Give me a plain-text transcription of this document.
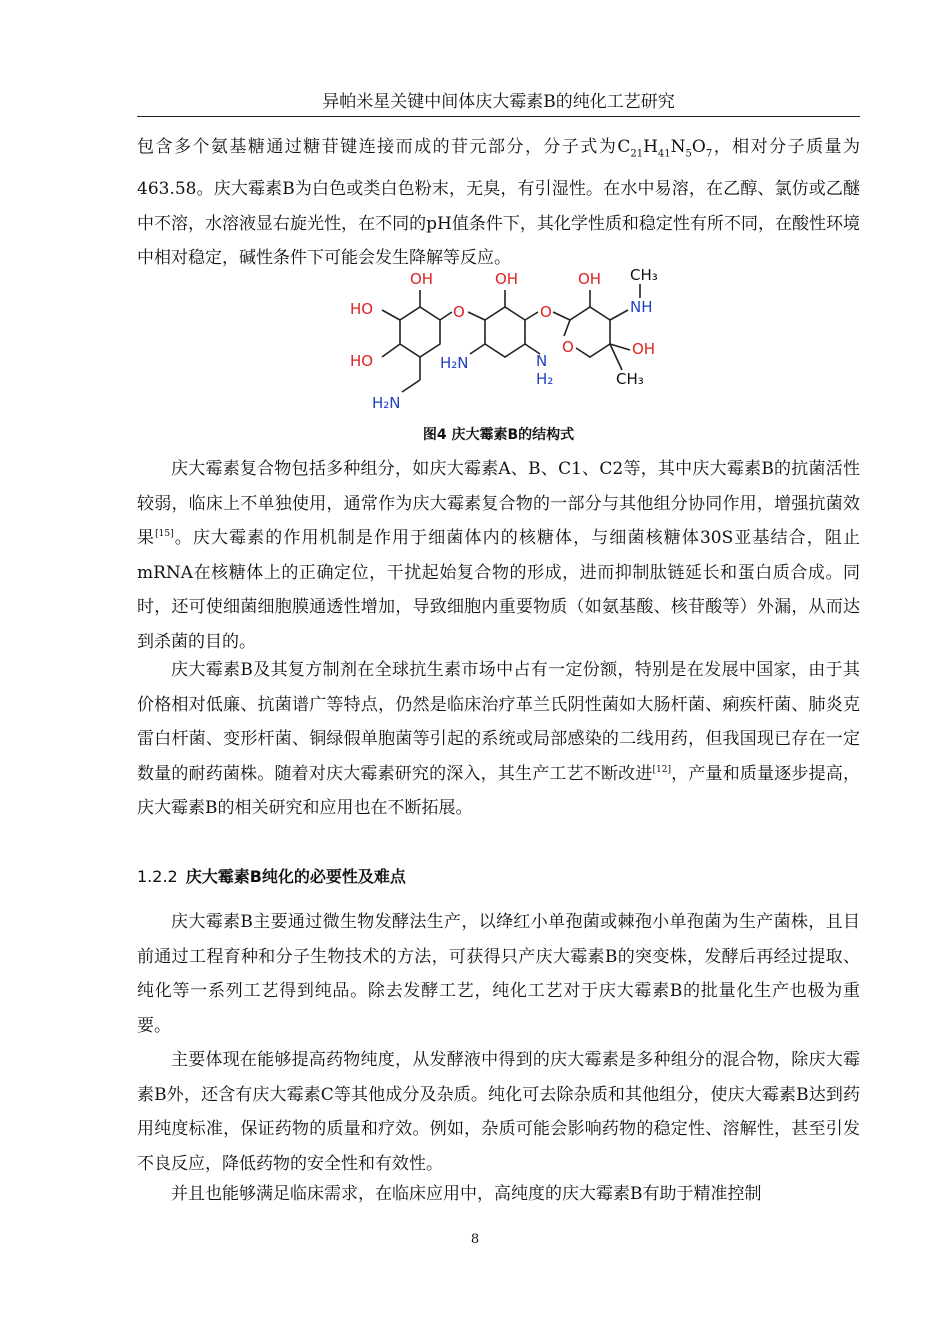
异帕米星关键中间体庆大霉素B的纯化工艺研究

包含多个氨基糖通过糖苷键连接而成的苷元部分，分子式为$C_{21}H_{41}N_5O_7$，相对分子质量为463.58。庆大霉素B为白色或类白色粉末，无臭，有引湿性。在水中易溶，在乙醇、氯仿或乙醚中不溶，水溶液显右旋光性，在不同的pH值条件下，其化学性质和稳定性有所不同，在酸性环境中相对稳定，碱性条件下可能会发生降解等反应。

OH
HO
HO
O
OH
O
OH
O	OH
H₂N
H₂N	N
H₂
NH
CH₃
CH₃
图4 庆大霉素B的结构式

庆大霉素复合物包括多种组分，如庆大霉素A、B、C1、C2等，其中庆大霉素B的抗菌活性较弱，临床上不单独使用，通常作为庆大霉素复合物的一部分与其他组分协同作用，增强抗菌效果[15]。庆大霉素的作用机制是作用于细菌体内的核糖体，与细菌核糖体30S亚基结合，阻止mRNA在核糖体上的正确定位，干扰起始复合物的形成，进而抑制肽链延长和蛋白质合成。同时，还可使细菌细胞膜通透性增加，导致细胞内重要物质（如氨基酸、核苷酸等）外漏，从而达到杀菌的目的。

庆大霉素B及其复方制剂在全球抗生素市场中占有一定份额，特别是在发展中国家，由于其价格相对低廉、抗菌谱广等特点，仍然是临床治疗革兰氏阴性菌如大肠杆菌、痢疾杆菌、肺炎克雷白杆菌、变形杆菌、铜绿假单胞菌等引起的系统或局部感染的二线用药，但我国现已存在一定数量的耐药菌株。随着对庆大霉素研究的深入，其生产工艺不断改进[12]，产量和质量逐步提高，庆大霉素B的相关研究和应用也在不断拓展。

1.2.2 庆大霉素B纯化的必要性及难点

庆大霉素B主要通过微生物发酵法生产，以绛红小单孢菌或棘孢小单孢菌为生产菌株，且目前通过工程育种和分子生物技术的方法，可获得只产庆大霉素B的突变株，发酵后再经过提取、纯化等一系列工艺得到纯品。除去发酵工艺，纯化工艺对于庆大霉素B的批量化生产也极为重要。

主要体现在能够提高药物纯度，从发酵液中得到的庆大霉素是多种组分的混合物，除庆大霉素B外，还含有庆大霉素C等其他成分及杂质。纯化可去除杂质和其他组分，使庆大霉素B达到药用纯度标准，保证药物的质量和疗效。例如，杂质可能会影响药物的稳定性、溶解性，甚至引发不良反应，降低药物的安全性和有效性。

并且也能够满足临床需求，在临床应用中，高纯度的庆大霉素B有助于精准控制

8
